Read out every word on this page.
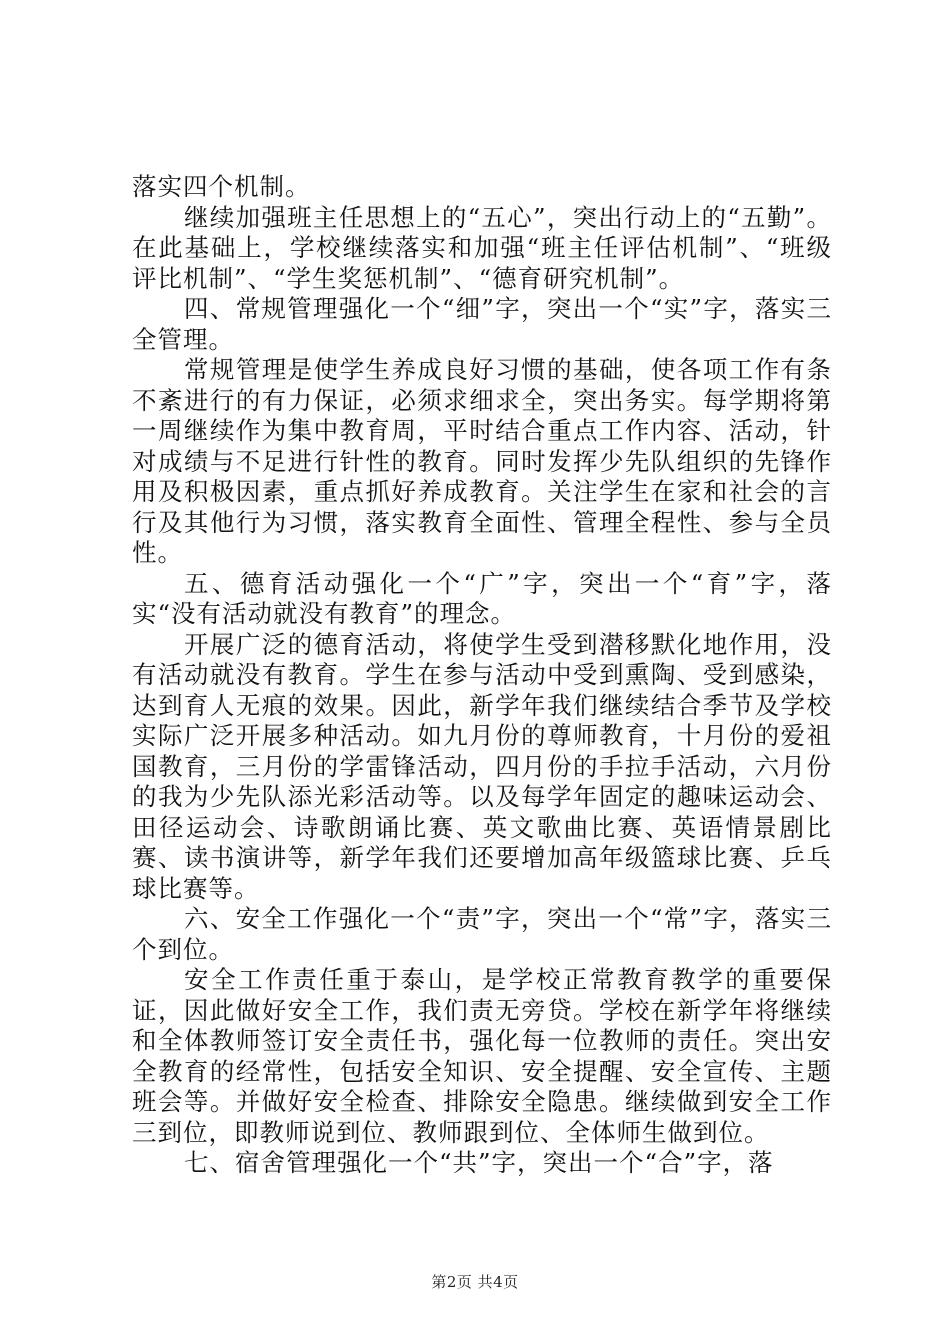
落实四个机制。

继续加强班主任思想上的“五心”，突出行动上的“五勤”。在此基础上，学校继续落实和加强“班主任评估机制”、“班级评比机制”、“学生奖惩机制”、“德育研究机制”。

四、常规管理强化一个“细”字，突出一个“实”字，落实三全管理。

常规管理是使学生养成良好习惯的基础，使各项工作有条不紊进行的有力保证，必须求细求全，突出务实。每学期将第一周继续作为集中教育周，平时结合重点工作内容、活动，针对成绩与不足进行针性的教育。同时发挥少先队组织的先锋作用及积极因素，重点抓好养成教育。关注学生在家和社会的言行及其他行为习惯，落实教育全面性、管理全程性、参与全员性。

五、德育活动强化一个“广”字，突出一个“育”字，落实“没有活动就没有教育”的理念。

开展广泛的德育活动，将使学生受到潜移默化地作用，没有活动就没有教育。学生在参与活动中受到熏陶、受到感染，达到育人无痕的效果。因此，新学年我们继续结合季节及学校实际广泛开展多种活动。如九月份的尊师教育，十月份的爱祖国教育，三月份的学雷锋活动，四月份的手拉手活动，六月份的我为少先队添光彩活动等。以及每学年固定的趣味运动会、田径运动会、诗歌朗诵比赛、英文歌曲比赛、英语情景剧比赛、读书演讲等，新学年我们还要增加高年级篮球比赛、乒乓球比赛等。

六、安全工作强化一个“责”字，突出一个“常”字，落实三个到位。

安全工作责任重于泰山，是学校正常教育教学的重要保证，因此做好安全工作，我们责无旁贷。学校在新学年将继续和全体教师签订安全责任书，强化每一位教师的责任。突出安全教育的经常性，包括安全知识、安全提醒、安全宣传、主题班会等。并做好安全检查、排除安全隐患。继续做到安全工作三到位，即教师说到位、教师跟到位、全体师生做到位。

七、宿舍管理强化一个“共”字，突出一个“合”字，落

第2页 共4页
